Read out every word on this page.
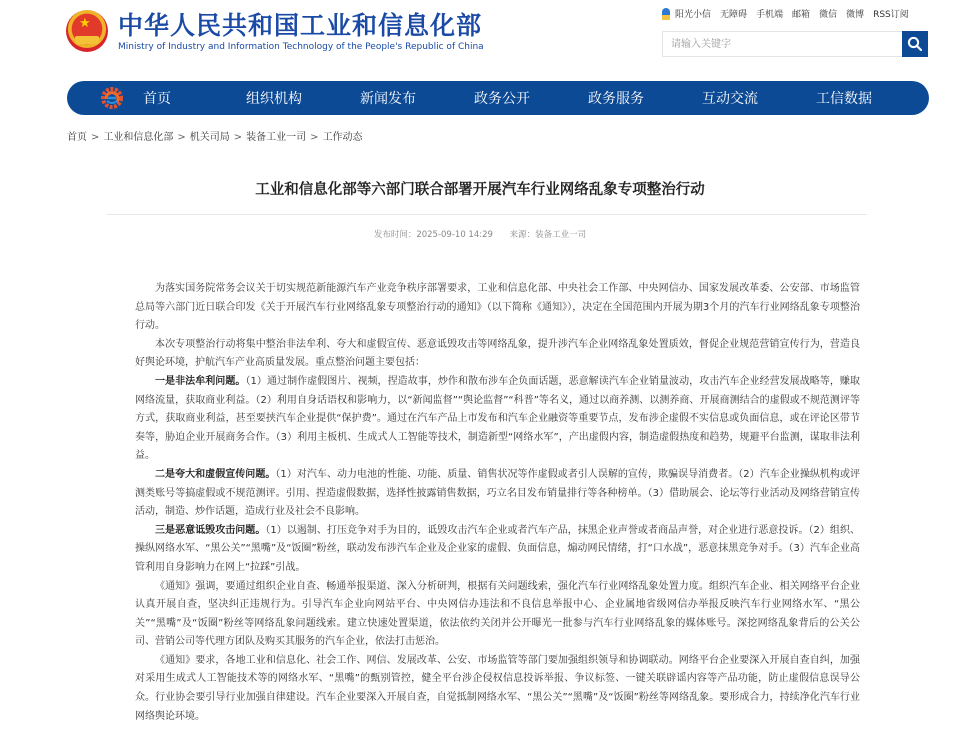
★
中华人民共和国工业和信息化部
Ministry of Industry and Information Technology of the People's Republic of China
阳光小信 无障碍 手机端 邮箱 微信 微博 RSS订阅
请输入关键字
首页	组织机构	新闻发布	政务公开	政务服务	互动交流	工信数据
首页 > 工业和信息化部 > 机关司局 > 装备工业一司 > 工作动态
工业和信息化部等六部门联合部署开展汽车行业网络乱象专项整治行动
发布时间：2025-09-10 14:29 来源：装备工业一司

为落实国务院常务会议关于切实规范新能源汽车产业竞争秩序部署要求，工业和信息化部、中央社会工作部、中央网信办、国家发展改革委、公安部、市场监管总局等六部门近日联合印发《关于开展汽车行业网络乱象专项整治行动的通知》（以下简称《通知》），决定在全国范围内开展为期3个月的汽车行业网络乱象专项整治行动。

本次专项整治行动将集中整治非法牟利、夸大和虚假宣传、恶意诋毁攻击等网络乱象，提升涉汽车企业网络乱象处置质效，督促企业规范营销宣传行为，营造良好舆论环境，护航汽车产业高质量发展。重点整治问题主要包括：

一是非法牟利问题。（1）通过制作虚假图片、视频，捏造故事，炒作和散布涉车企负面话题，恶意解读汽车企业销量波动，攻击汽车企业经营发展战略等，赚取网络流量，获取商业利益。（2）利用自身话语权和影响力，以“新闻监督”“舆论监督”“科普”等名义，通过以商养测、以测养商、开展商测结合的虚假或不规范测评等方式，获取商业利益，甚至要挟汽车企业提供“保护费”。通过在汽车产品上市发布和汽车企业融资等重要节点，发布涉企虚假不实信息或负面信息，或在评论区带节奏等，胁迫企业开展商务合作。（3）利用主板机、生成式人工智能等技术，制造新型“网络水军”，产出虚假内容，制造虚假热度和趋势，规避平台监测，谋取非法利益。

二是夸大和虚假宣传问题。（1）对汽车、动力电池的性能、功能、质量、销售状况等作虚假或者引人误解的宣传，欺骗误导消费者。（2）汽车企业操纵机构或评测类账号等搞虚假或不规范测评。引用、捏造虚假数据，选择性披露销售数据，巧立名目发布销量排行等各种榜单。（3）借助展会、论坛等行业活动及网络营销宣传活动，制造、炒作话题，造成行业及社会不良影响。

三是恶意诋毁攻击问题。（1）以遏制、打压竞争对手为目的，诋毁攻击汽车企业或者汽车产品，抹黑企业声誉或者商品声誉，对企业进行恶意投诉。（2）组织、操纵网络水军、“黑公关”“黑嘴”及“饭圈”粉丝，联动发布涉汽车企业及企业家的虚假、负面信息，煽动网民情绪，打“口水战”，恶意抹黑竞争对手。（3）汽车企业高管利用自身影响力在网上“拉踩”引战。

《通知》强调，要通过组织企业自查、畅通举报渠道、深入分析研判，根据有关问题线索，强化汽车行业网络乱象处置力度。组织汽车企业、相关网络平台企业认真开展自查，坚决纠正违规行为。引导汽车企业向网站平台、中央网信办违法和不良信息举报中心、企业属地省级网信办举报反映汽车行业网络水军、“黑公关”“黑嘴”及“饭圈”粉丝等网络乱象问题线索。建立快速处置渠道，依法依约关闭并公开曝光一批参与汽车行业网络乱象的媒体账号。深挖网络乱象背后的公关公司、营销公司等代理方团队及购买其服务的汽车企业，依法打击惩治。

《通知》要求，各地工业和信息化、社会工作、网信、发展改革、公安、市场监管等部门要加强组织领导和协调联动。网络平台企业要深入开展自查自纠，加强对采用生成式人工智能技术等的网络水军、“黑嘴”的甄别管控，健全平台涉企侵权信息投诉举报、争议标签、一键关联辟谣内容等产品功能，防止虚假信息误导公众。行业协会要引导行业加强自律建设。汽车企业要深入开展自查，自觉抵制网络水军、“黑公关”“黑嘴”及“饭圈”粉丝等网络乱象。要形成合力，持续净化汽车行业网络舆论环境。
